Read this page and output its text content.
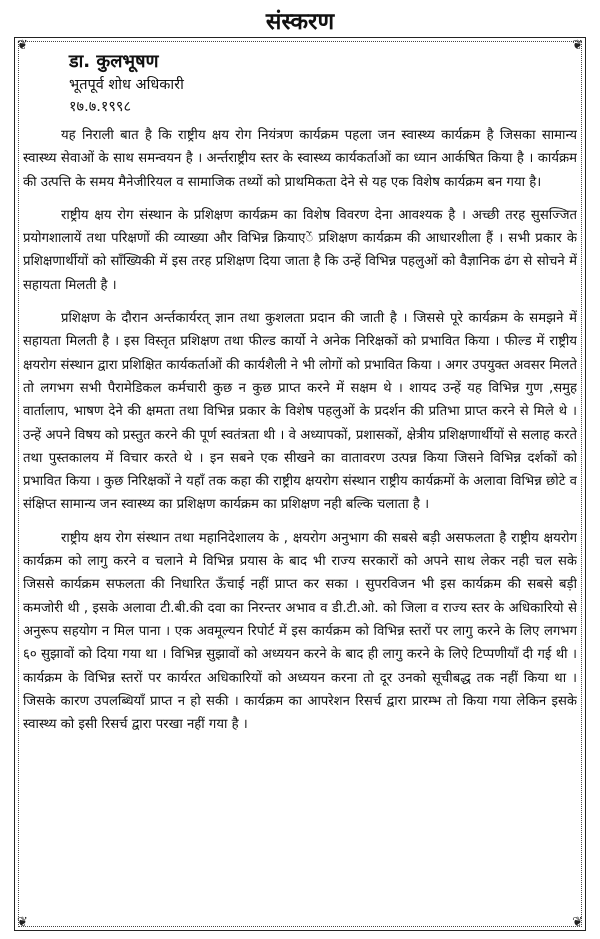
संस्करण
❦	❦
❦	❦
डा. कुलभूषण
भूतपूर्व शोध अधिकारी
१७.७.१९९८

यह निराली बात है कि राष्ट्रीय क्षय रोग नियंत्रण कार्यक्रम पहला जन स्वास्थ्य कार्यक्रम है जिसका सामान्य स्वास्थ्य सेवाओं के साथ समन्वयन है । अर्न्तराष्ट्रीय स्तर के स्वास्थ्य कार्यकर्ताओं का ध्यान आर्कषित किया है । कार्यक्रम की उत्पत्ति के समय मैनेजीरियल व सामाजिक तथ्यों को प्राथमिकता देने से यह एक विशेष कार्यक्रम बन गया है।

राष्ट्रीय क्षय रोग संस्थान के प्रशिक्षण कार्यक्रम का विशेष विवरण देना आवश्यक है । अच्छी तरह सुसज्जित प्रयोगशालायें तथा परिक्षणों की व्याख्या और विभिन्न क्रियाएें प्रशिक्षण कार्यक्रम की आधारशीला हैं । सभी प्रकार के प्रशिक्षणार्थीयों को साँख्यिकी में इस तरह प्रशिक्षण दिया जाता है कि उन्हें विभिन्न पहलुओं को वैज्ञानिक ढंग से सोचने में सहायता मिलती है ।

प्रशिक्षण के दौरान अर्न्तकार्यरत् ज्ञान तथा कुशलता प्रदान की जाती है । जिससे पूरे कार्यक्रम के समझने में सहायता मिलती है । इस विस्तृत प्रशिक्षण तथा फील्ड कार्यो ने अनेक निरिक्षकों को प्रभावित किया । फील्ड में राष्ट्रीय क्षयरोग संस्थान द्वारा प्रशिक्षित कार्यकर्ताओं की कार्यशैली ने भी लोगों को प्रभावित किया । अगर उपयुक्त अवसर मिलते तो लगभग सभी पैरामेडिकल कर्मचारी कुछ न कुछ प्राप्त करने में सक्षम थे । शायद उन्हें यह विभिन्न गुण ,समुह वार्तालाप, भाषण देने की क्षमता तथा विभिन्न प्रकार के विशेष पहलुओं के प्रदर्शन की प्रतिभा प्राप्त करने से मिले थे । उन्हें अपने विषय को प्रस्तुत करने की पूर्ण स्वतंत्रता थी । वे अध्यापकों, प्रशासकों, क्षेत्रीय प्रशिक्षणार्थीयों से सलाह करते तथा पुस्तकालय में विचार करते थे । इन सबने एक सीखने का वातावरण उत्पन्न किया जिसने विभिन्न दर्शकों को प्रभावित किया । कुछ निरिक्षकों ने यहाँ तक कहा की राष्ट्रीय क्षयरोग संस्थान राष्ट्रीय कार्यक्रमों के अलावा विभिन्न छोटे व संक्षिप्त सामान्य जन स्वास्थ्य का प्रशिक्षण कार्यक्रम का प्रशिक्षण नही बल्कि चलाता है ।

राष्ट्रीय क्षय रोग संस्थान तथा महानिदेशालय के , क्षयरोग अनुभाग की सबसे बड़ी असफलता है राष्ट्रीय क्षयरोग कार्यक्रम को लागु करने व चलाने मे विभिन्न प्रयास के बाद भी राज्य सरकारों को अपने साथ लेकर नही चल सके जिससे कार्यक्रम सफलता की निधारित ऊँचाई नहीं प्राप्त कर सका । सुपरविजन भी इस कार्यक्रम की सबसे बड़ी कमजोरी थी , इसके अलावा टी.बी.की दवा का निरन्तर अभाव व डी.टी.ओ. को जिला व राज्य स्तर के अधिकारियो से अनुरूप सहयोग न मिल पाना । एक अवमूल्यन रिपोर्ट में इस कार्यक्रम को विभिन्न स्तरों पर लागु करने के लिए लगभग ६० सुझावों को दिया गया था । विभिन्न सुझावों को अध्ययन करने के बाद ही लागु करने के लिऐ टिप्पणीयाँ दी गई थी । कार्यक्रम के विभिन्न स्तरों पर कार्यरत अधिकारियों को अध्ययन करना तो दूर उनको सूचीबद्ध तक नहीं किया था । जिसके कारण उपलब्धियाँ प्राप्त न हो सकी । कार्यक्रम का आपरेशन रिसर्च द्वारा प्रारम्भ तो किया गया लेकिन इसके स्वास्थ्य को इसी रिसर्च द्वारा परखा नहीं गया है ।
